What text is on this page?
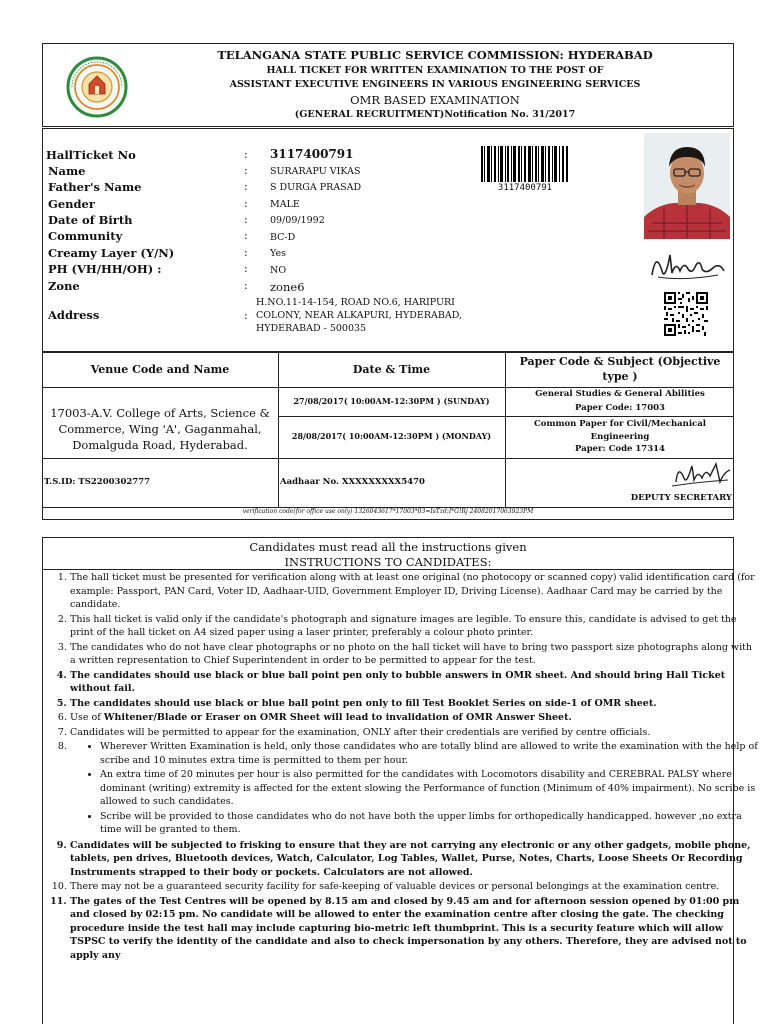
TELANGANA STATE PUBLIC SERVICE COMMISSION: HYDERABAD
HALL TICKET FOR WRITTEN EXAMINATION TO THE POST OF
ASSISTANT EXECUTIVE ENGINEERS IN VARIOUS ENGINEERING SERVICES
OMR BASED EXAMINATION
(GENERAL RECRUITMENT)Notification No. 31/2017
HallTicket No
Name
Father's Name
Gender
Date of Birth
Community
Creamy Layer (Y/N)
PH (VH/HH/OH) :
Zone
Address
:
:
:
:
:
:
:
:
:
:
3117400791
SURARAPU VIKAS
S DURGA PRASAD
MALE
09/09/1992
BC-D
Yes
NO
zone6
H.NO.11-14-154, ROAD NO.6, HARIPURI
COLONY, NEAR ALKAPURI, HYDERABAD,
HYDERABAD - 500035
3117400791
Venue Code and Name	Date & Time
Paper Code & Subject (Objective type )
17003-A.V. College of Arts, Science &
Commerce, Wing 'A', Gaganmahal,
Domalguda Road, Hyderabad.
27/08/2017( 10:00AM-12:30PM ) (SUNDAY)
28/08/2017( 10:00AM-12:30PM ) (MONDAY)
General Studies & General Abilities
Paper Code: 17003
Common Paper for Civil/Mechanical Engineering
Paper: Code 17314
T.S.ID: TS2200302777	Aadhaar No. XXXXXXXXX5470
DEPUTY SECRETARY
verification code(for office use only) 1326043617*17003*03=IsTzd;I*G!Rj 24082017063923PM
Candidates must read all the instructions given
INSTRUCTIONS TO CANDIDATES:
1. The hall ticket must be presented for verification along with at least one original (no photocopy or scanned copy) valid identification card (for example: Passport, PAN Card, Voter ID, Aadhaar-UID, Government Employer ID, Driving License). Aadhaar Card may be carried by the candidate.
2. This hall ticket is valid only if the candidate's photograph and signature images are legible. To ensure this, candidate is advised to get the print of the hall ticket on A4 sized paper using a laser printer, preferably a colour photo printer.
3. The candidates who do not have clear photographs or no photo on the hall ticket will have to bring two passport size photographs along with a written representation to Chief Superintendent in order to be permitted to appear for the test.
4. The candidates should use black or blue ball point pen only to bubble answers in OMR sheet. And should bring Hall Ticket without fail.
5. The candidates should use black or blue ball point pen only to fill Test Booklet Series on side-1 of OMR sheet.
6. Use of Whitener/Blade or Eraser on OMR Sheet will lead to invalidation of OMR Answer Sheet.
7. Candidates will be permitted to appear for the examination, ONLY after their credentials are verified by centre officials.
• 8. Wherever Written Examination is held, only those candidates who are totally blind are allowed to write the examination with the help of scribe and 10 minutes extra time is permitted to them per hour.
• An extra time of 20 minutes per hour is also permitted for the candidates with Locomotors disability and CEREBRAL PALSY where dominant (writing) extremity is affected for the extent slowing the Performance of function (Minimum of 40% impairment). No scribe is allowed to such candidates.
• Scribe will be provided to those candidates who do not have both the upper limbs for orthopedically handicapped. however ,no extra time will be granted to them.
9. Candidates will be subjected to frisking to ensure that they are not carrying any electronic or any other gadgets, mobile phone, tablets, pen drives, Bluetooth devices, Watch, Calculator, Log Tables, Wallet, Purse, Notes, Charts, Loose Sheets Or Recording Instruments strapped to their body or pockets. Calculators are not allowed.
10. There may not be a guaranteed security facility for safe-keeping of valuable devices or personal belongings at the examination centre.
11. The gates of the Test Centres will be opened by 8.15 am and closed by 9.45 am and for afternoon session opened by 01:00 pm and closed by 02:15 pm. No candidate will be allowed to enter the examination centre after closing the gate. The checking procedure inside the test hall may include capturing bio-metric left thumbprint. This is a security feature which will allow TSPSC to verify the identity of the candidate and also to check impersonation by any others. Therefore, they are advised not to apply any
